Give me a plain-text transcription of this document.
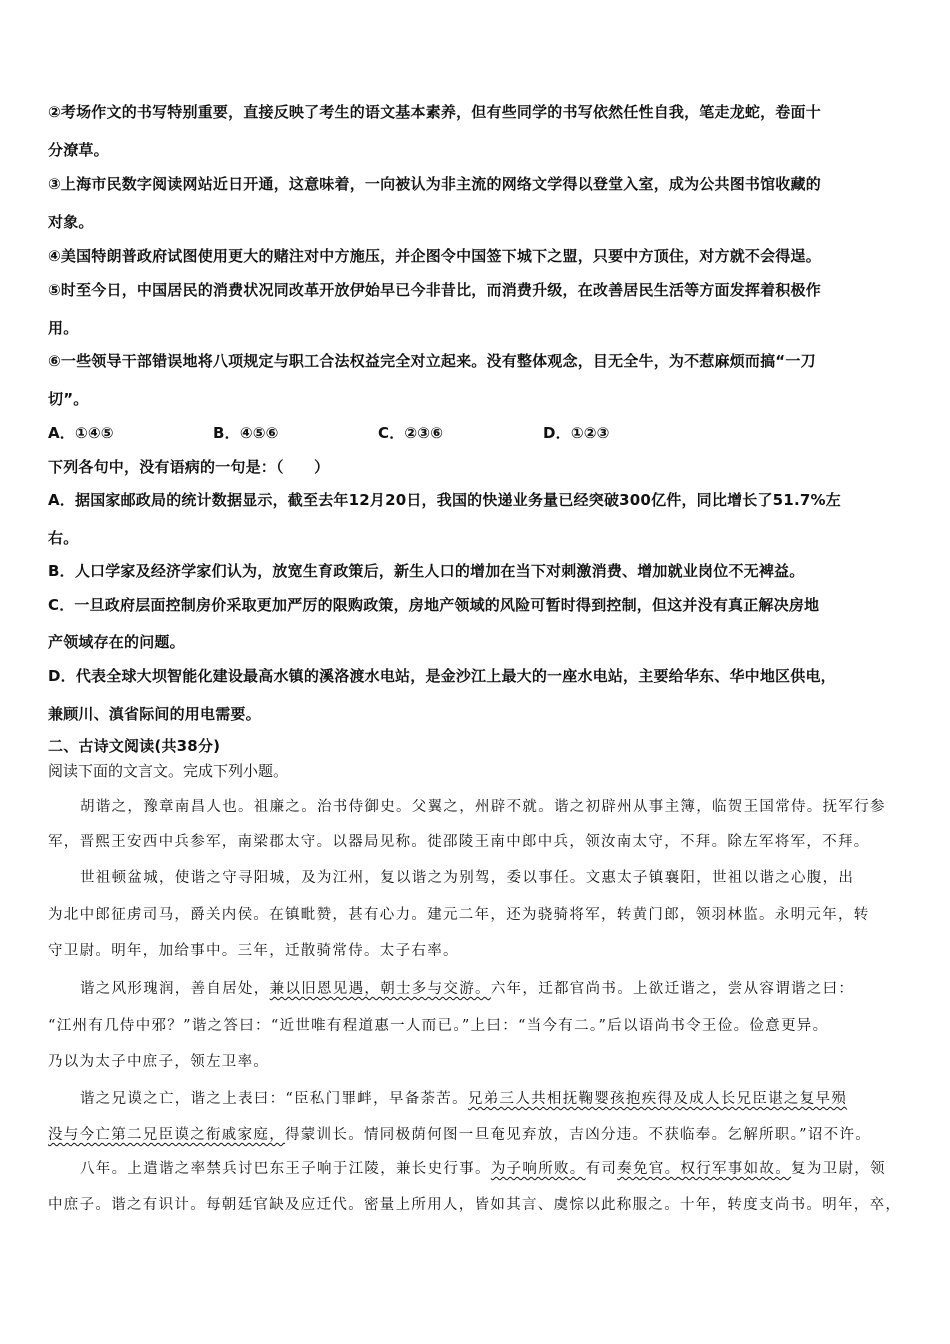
②考场作文的书写特别重要，直接反映了考生的语文基本素养，但有些同学的书写依然任性自我，笔走龙蛇，卷面十
分潦草。
③上海市民数字阅读网站近日开通，这意味着，一向被认为非主流的网络文学得以登堂入室，成为公共图书馆收藏的
对象。
④美国特朗普政府试图使用更大的赌注对中方施压，并企图令中国签下城下之盟，只要中方顶住，对方就不会得逞。
⑤时至今日，中国居民的消费状况同改革开放伊始早已今非昔比，而消费升级，在改善居民生活等方面发挥着积极作
用。
⑥一些领导干部错误地将八项规定与职工合法权益完全对立起来。没有整体观念，目无全牛，为不惹麻烦而搞“一刀
切”。
A．①④⑤	B．④⑤⑥	C．②③⑥	D．①②③
下列各句中，没有语病的一句是：（　　）
A．据国家邮政局的统计数据显示，截至去年12月20日，我国的快递业务量已经突破300亿件，同比增长了51.7%左
右。
B．人口学家及经济学家们认为，放宽生育政策后，新生人口的增加在当下对刺激消费、增加就业岗位不无裨益。
C．一旦政府层面控制房价采取更加严厉的限购政策，房地产领域的风险可暂时得到控制，但这并没有真正解决房地
产领域存在的问题。
D．代表全球大坝智能化建设最高水镇的溪洛渡水电站，是金沙江上最大的一座水电站，主要给华东、华中地区供电，
兼顾川、滇省际间的用电需要。
二、古诗文阅读(共38分)
阅读下面的文言文。完成下列小题。
胡谐之，豫章南昌人也。祖廉之。治书侍御史。父翼之，州辟不就。谐之初辟州从事主簿，临贺王国常侍。抚军行参
军，晋熙王安西中兵参军，南梁郡太守。以器局见称。徙邵陵王南中郎中兵，领汝南太守，不拜。除左军将军，不拜。
世祖顿盆城，使谐之守寻阳城，及为江州，复以谐之为别驾，委以事任。文惠太子镇襄阳，世祖以谐之心腹，出
为北中郎征虏司马，爵关内侯。在镇毗赞，甚有心力。建元二年，还为骁骑将军，转黄门郎，领羽林监。永明元年，转
守卫尉。明年，加给事中。三年，迁散骑常侍。太子右率。
谐之风形瑰润，善自居处，兼以旧恩见遇，朝士多与交游。六年，迁都官尚书。上欲迁谐之，尝从容谓谐之曰：
“江州有几侍中邪？”谐之答曰：“近世唯有程道惠一人而已。”上曰：“当今有二。”后以语尚书令王俭。俭意更异。
乃以为太子中庶子，领左卫率。
谐之兄谟之亡，谐之上表曰：“臣私门罪衅，早备荼苦。兄弟三人共相抚鞠婴孩抱疾得及成人长兄臣谌之复早殒
没与今亡第二兄臣谟之衔戚家庭，得蒙训长。情同极荫何图一旦奄见弃放，吉凶分违。不获临奉。乞解所职。”诏不许。
八年。上遣谐之率禁兵讨巴东王子响于江陵，兼长史行事。为子响所败。有司奏免官。权行军事如故。复为卫尉，领
中庶子。谐之有识计。每朝廷官缺及应迁代。密量上所用人，皆如其言、虞悰以此称服之。十年，转度支尚书。明年，卒，
